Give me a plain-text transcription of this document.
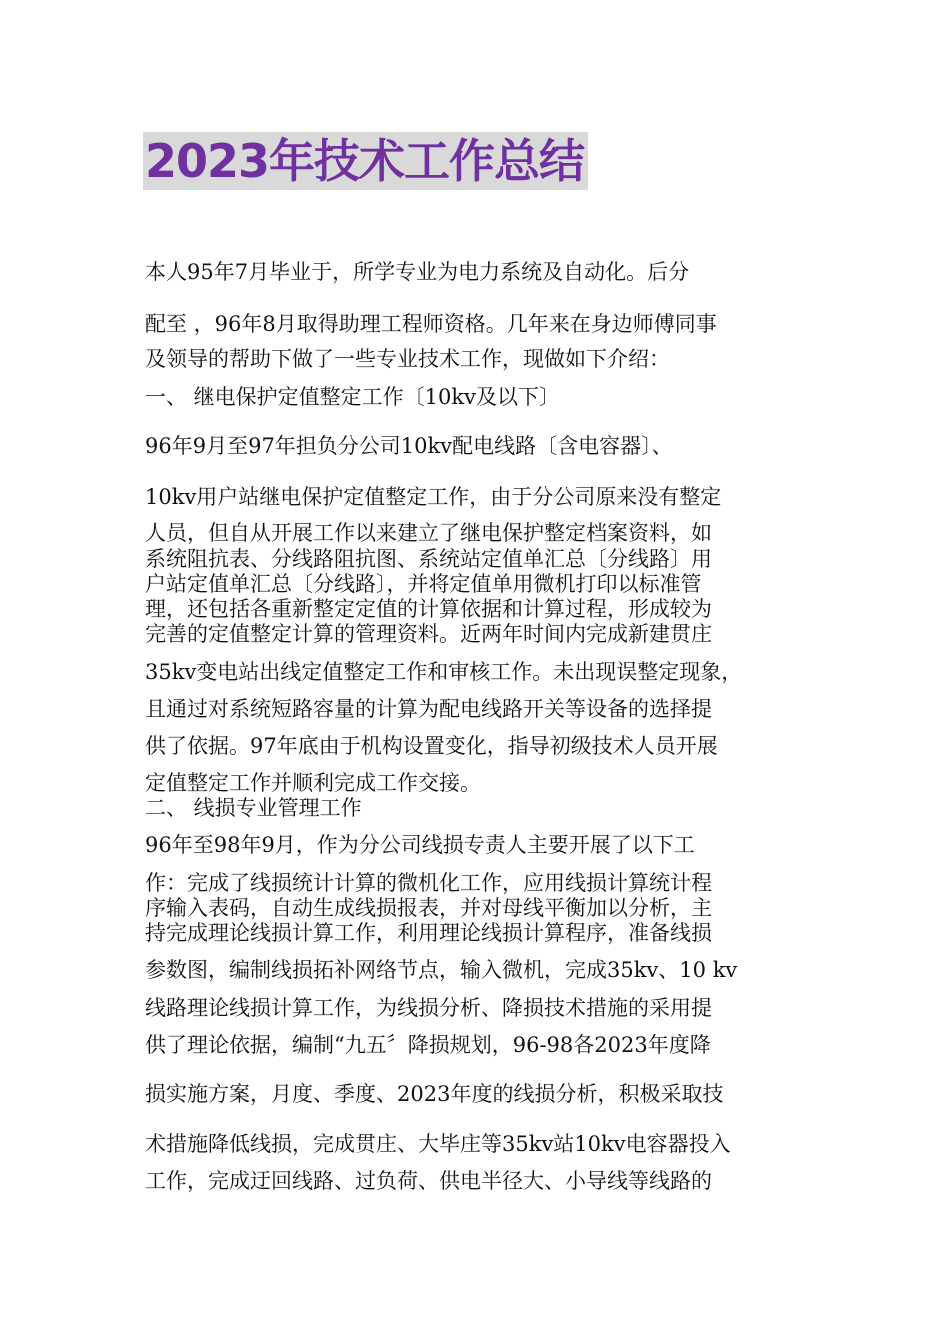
2023年技术工作总结
本人95年7月毕业于，所学专业为电力系统及自动化。后分
配至 ，96年8月取得助理工程师资格。几年来在身边师傅同事
及领导的帮助下做了一些专业技术工作，现做如下介绍：
一、 继电保护定值整定工作〔10kv及以下〕
96年9月至97年担负分公司10kv配电线路〔含电容器〕、
10kv用户站继电保护定值整定工作，由于分公司原来没有整定
人员，但自从开展工作以来建立了继电保护整定档案资料，如
系统阻抗表、分线路阻抗图、系统站定值单汇总〔分线路〕用
户站定值单汇总〔分线路〕，并将定值单用微机打印以标准管
理，还包括各重新整定定值的计算依据和计算过程，形成较为
完善的定值整定计算的管理资料。近两年时间内完成新建贯庄
35kv变电站出线定值整定工作和审核工作。未出现误整定现象，
且通过对系统短路容量的计算为配电线路开关等设备的选择提
供了依据。97年底由于机构设置变化，指导初级技术人员开展
定值整定工作并顺利完成工作交接。
二、 线损专业管理工作
96年至98年9月，作为分公司线损专责人主要开展了以下工
作：完成了线损统计计算的微机化工作，应用线损计算统计程
序输入表码，自动生成线损报表，并对母线平衡加以分析，主
持完成理论线损计算工作，利用理论线损计算程序，准备线损
参数图，编制线损拓补网络节点，输入微机，完成35kv、10 kv
线路理论线损计算工作，为线损分析、降损技术措施的采用提
供了理论依据，编制“九五〞降损规划，96-98各2023年度降
损实施方案，月度、季度、2023年度的线损分析，积极采取技
术措施降低线损，完成贯庄、大毕庄等35kv站10kv电容器投入
工作，完成迂回线路、过负荷、供电半径大、小导线等线路的
